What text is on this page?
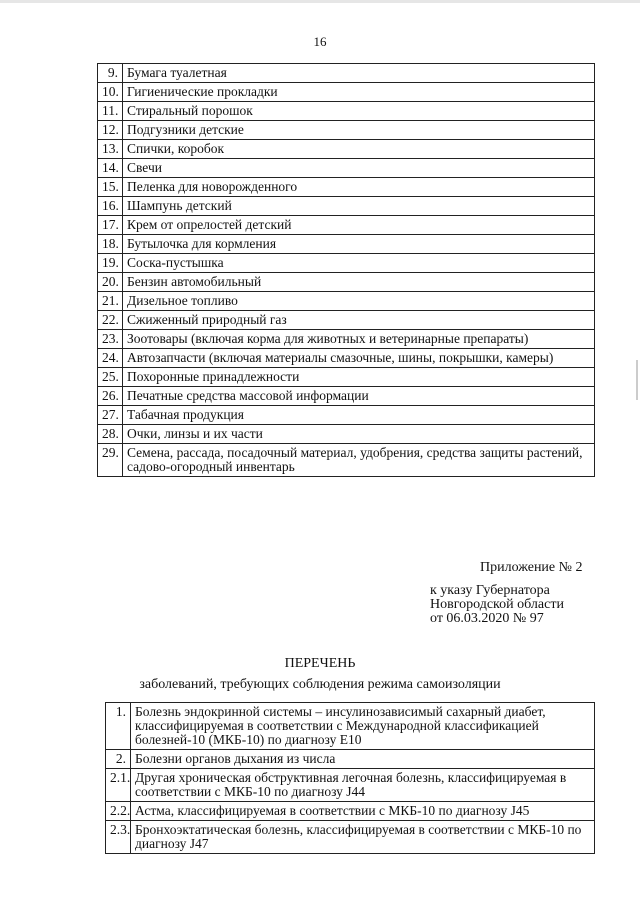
16
9.	Бумага туалетная
10.	Гигиенические прокладки
11.	Стиральный порошок
12.	Подгузники детские
13.	Спички, коробок
14.	Свечи
15.	Пеленка для новорожденного
16.	Шампунь детский
17.	Крем от опрелостей детский
18.	Бутылочка для кормления
19.	Соска-пустышка
20.	Бензин автомобильный
21.	Дизельное топливо
22.	Сжиженный природный газ
23.	Зоотовары (включая корма для животных и ветеринарные препараты)
24.	Автозапчасти (включая материалы смазочные, шины, покрышки, камеры)
25.	Похоронные принадлежности
26.	Печатные средства массовой информации
27.	Табачная продукция
28.	Очки, линзы и их части
29.	Семена, рассада, посадочный материал, удобрения, средства защиты растений, садово-огородный инвентарь
Приложение № 2
к указу Губернатора
Новгородской области
от 06.03.2020 № 97
ПЕРЕЧЕНЬ
заболеваний, требующих соблюдения режима самоизоляции
1.	Болезнь эндокринной системы – инсулинозависимый сахарный диабет, классифицируемая в соответствии с Международной классификацией болезней-10 (МКБ-10) по диагнозу E10
2.	Болезни органов дыхания из числа
2.1.	Другая хроническая обструктивная легочная болезнь, классифицируемая в соответствии с МКБ-10 по диагнозу J44
2.2.	Астма, классифицируемая в соответствии с МКБ-10 по диагнозу J45
2.3.	Бронхоэктатическая болезнь, классифицируемая в соответствии с МКБ-10 по диагнозу J47
